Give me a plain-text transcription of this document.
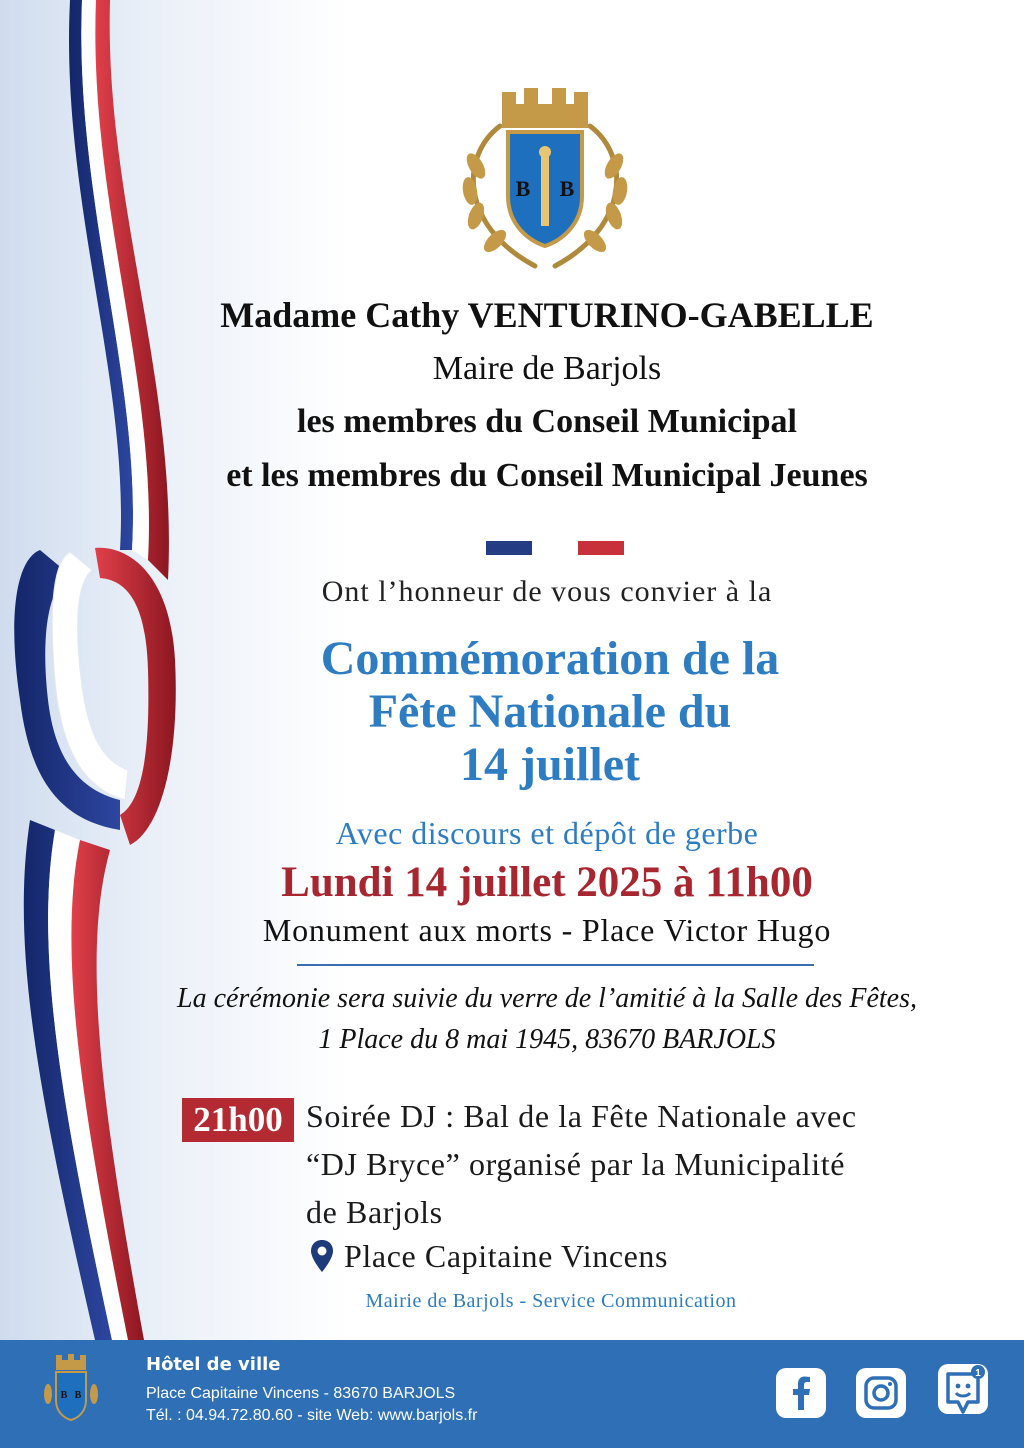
B B
Madame Cathy VENTURINO-GABELLE
Maire de Barjols
les membres du Conseil Municipal
et les membres du Conseil Municipal Jeunes
Ont l’honneur de vous convier à la
Commémoration de la
Fête Nationale du
14 juillet
Avec discours et dépôt de gerbe
Lundi 14 juillet 2025 à 11h00
Monument aux morts - Place Victor Hugo
La cérémonie sera suivie du verre de l’amitié à la Salle des Fêtes,
1 Place du 8 mai 1945, 83670 BARJOLS
21h00 Soirée DJ : Bal de la Fête Nationale avec
“DJ Bryce” organisé par la Municipalité
de Barjols
Place Capitaine Vincens
Mairie de Barjols - Service Communication
B B
Hôtel de ville
Place Capitaine Vincens - 83670 BARJOLS
Tél. : 04.94.72.80.60 - site Web: www.barjols.fr
1
